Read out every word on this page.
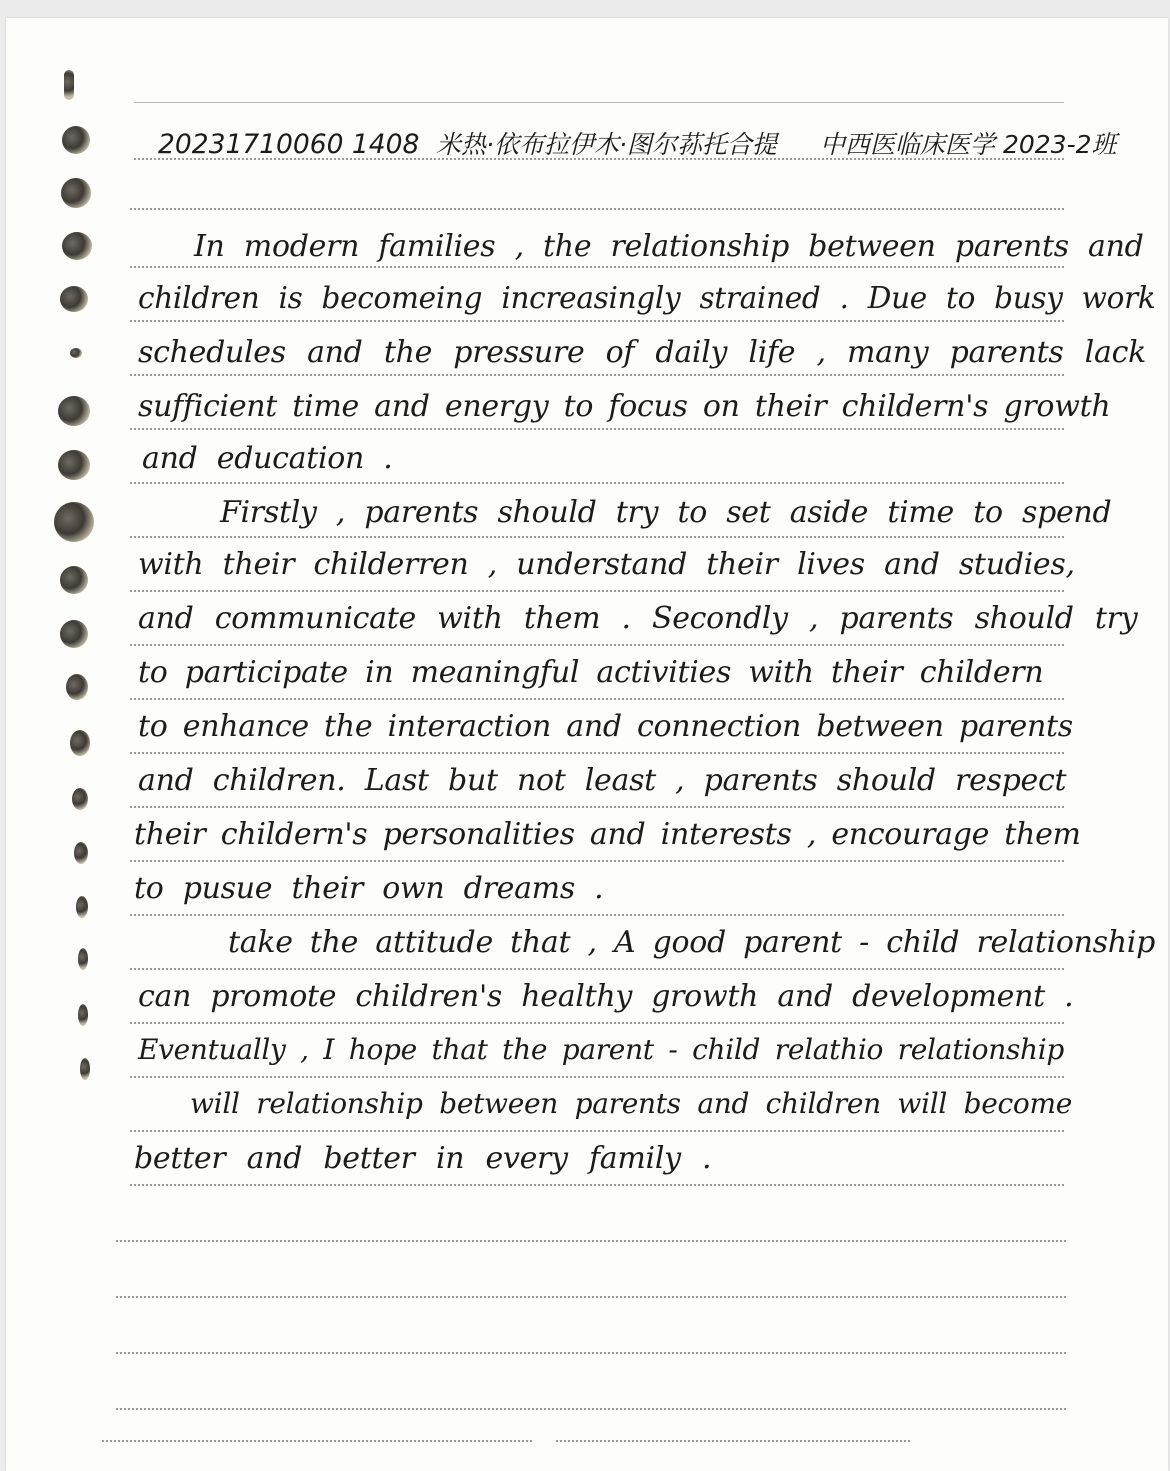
20231710060 1408 米热·依布拉伊木·图尔荪托合提 中西医临床医学 2023-2班
In modern families , the relationship between parents and
children is becomeing increasingly strained . Due to busy work
schedules and the pressure of daily life , many parents lack
sufficient time and energy to focus on their childern's growth
and education .
Firstly , parents should try to set aside time to spend
with their childerren , understand their lives and studies,
and communicate with them . Secondly , parents should try
to participate in meaningful activities with their childern
to enhance the interaction and connection between parents
and children. Last but not least , parents should respect
their childern's personalities and interests , encourage them
to pusue their own dreams .
take the attitude that , A good parent - child relationship
can promote children's healthy growth and development .
Eventually , I hope that the parent - child relathio relationship
will relationship between parents and children will become
better and better in every family .
